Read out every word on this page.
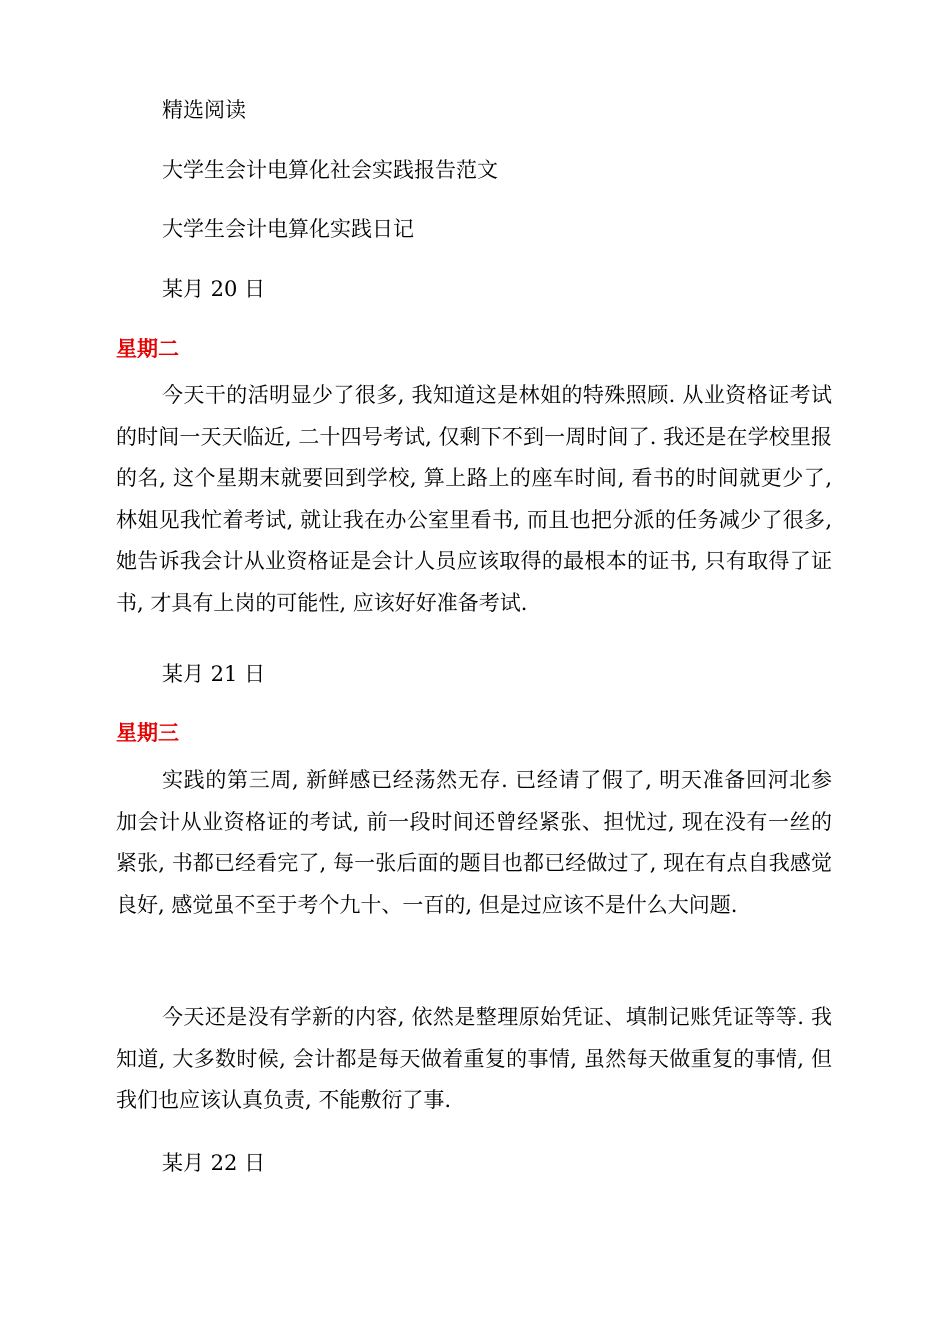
精选阅读
大学生会计电算化社会实践报告范文
大学生会计电算化实践日记
某月 20 日
星期二

今天干的活明显少了很多, 我知道这是林姐的特殊照顾. 从业资格证考试的时间一天天临近, 二十四号考试, 仅剩下不到一周时间了. 我还是在学校里报的名, 这个星期末就要回到学校, 算上路上的座车时间, 看书的时间就更少了, 林姐见我忙着考试, 就让我在办公室里看书, 而且也把分派的任务减少了很多, 她告诉我会计从业资格证是会计人员应该取得的最根本的证书, 只有取得了证书, 才具有上岗的可能性, 应该好好准备考试.

某月 21 日
星期三

实践的第三周, 新鲜感已经荡然无存. 已经请了假了, 明天准备回河北参加会计从业资格证的考试, 前一段时间还曾经紧张、担忧过, 现在没有一丝的紧张, 书都已经看完了, 每一张后面的题目也都已经做过了, 现在有点自我感觉良好, 感觉虽不至于考个九十、一百的, 但是过应该不是什么大问题.

今天还是没有学新的内容, 依然是整理原始凭证、填制记账凭证等等. 我知道, 大多数时候, 会计都是每天做着重复的事情, 虽然每天做重复的事情, 但我们也应该认真负责, 不能敷衍了事.

某月 22 日
